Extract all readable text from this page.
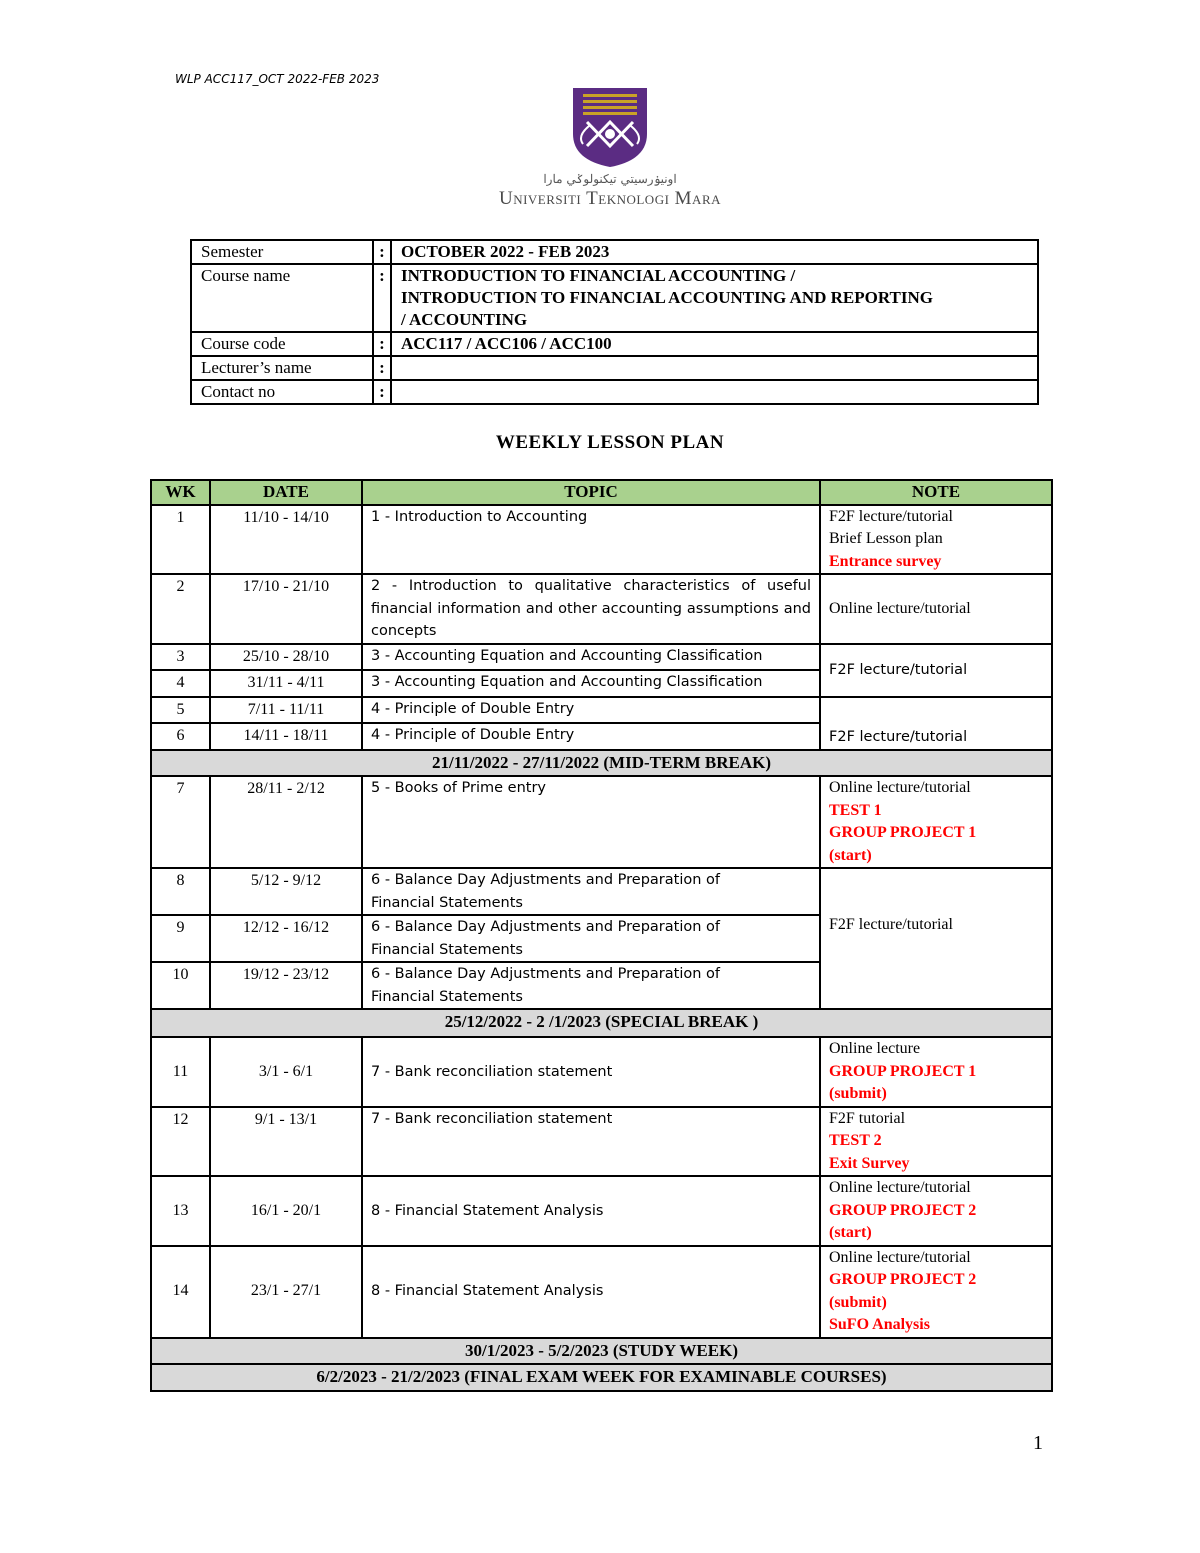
WLP ACC117_OCT 2022-FEB 2023
اونيۏرسيتي تيكنولوݢي مارا
Universiti Teknologi Mara
Semester	:	OCTOBER 2022 - FEB 2023
Course name	:	INTRODUCTION TO FINANCIAL ACCOUNTING /
INTRODUCTION TO FINANCIAL ACCOUNTING AND REPORTING
/ ACCOUNTING

Course code	:	ACC117 / ACC106 / ACC100
Lecturer’s name	:	
Contact no	:	
WEEKLY LESSON PLAN
WK	DATE	TOPIC	NOTE
1	11/10 - 14/10	1 - Introduction to Accounting	F2F lecture/tutorial
Brief Lesson plan
Entrance survey

2	17/10 - 21/10	2 - Introduction to qualitative characteristics of useful financial information and other accounting assumptions and concepts	Online lecture/tutorial
3	25/10 - 28/10	3 - Accounting Equation and Accounting Classification	F2F lecture/tutorial
4	31/11 - 4/11	3 - Accounting Equation and Accounting Classification	
5	7/11 - 11/11	4 - Principle of Double Entry	F2F lecture/tutorial
6	14/11 - 18/11	4 - Principle of Double Entry	
21/11/2022 - 27/11/2022 (MID-TERM BREAK)			
7	28/11 - 2/12	5 - Books of Prime entry	Online lecture/tutorial
TEST 1
GROUP PROJECT 1
(start)

8	5/12 - 9/12	6 - Balance Day Adjustments and Preparation of
Financial Statements	F2F lecture/tutorial
9	12/12 - 16/12	6 - Balance Day Adjustments and Preparation of
Financial Statements	

10	19/12 - 23/12	6 - Balance Day Adjustments and Preparation of
Financial Statements	

25/12/2022 - 2 /1/2023 (SPECIAL BREAK )			
11	3/1 - 6/1	7 - Bank reconciliation statement	Online lecture
GROUP PROJECT 1
(submit)

12	9/1 - 13/1	7 - Bank reconciliation statement	F2F tutorial
TEST 2
Exit Survey

13	16/1 - 20/1	8 - Financial Statement Analysis	Online lecture/tutorial
GROUP PROJECT 2
(start)

14	23/1 - 27/1	8 - Financial Statement Analysis	Online lecture/tutorial
GROUP PROJECT 2
(submit)
SuFO Analysis

30/1/2023 - 5/2/2023 (STUDY WEEK)			
6/2/2023 - 21/2/2023 (FINAL EXAM WEEK FOR EXAMINABLE COURSES)			
1
